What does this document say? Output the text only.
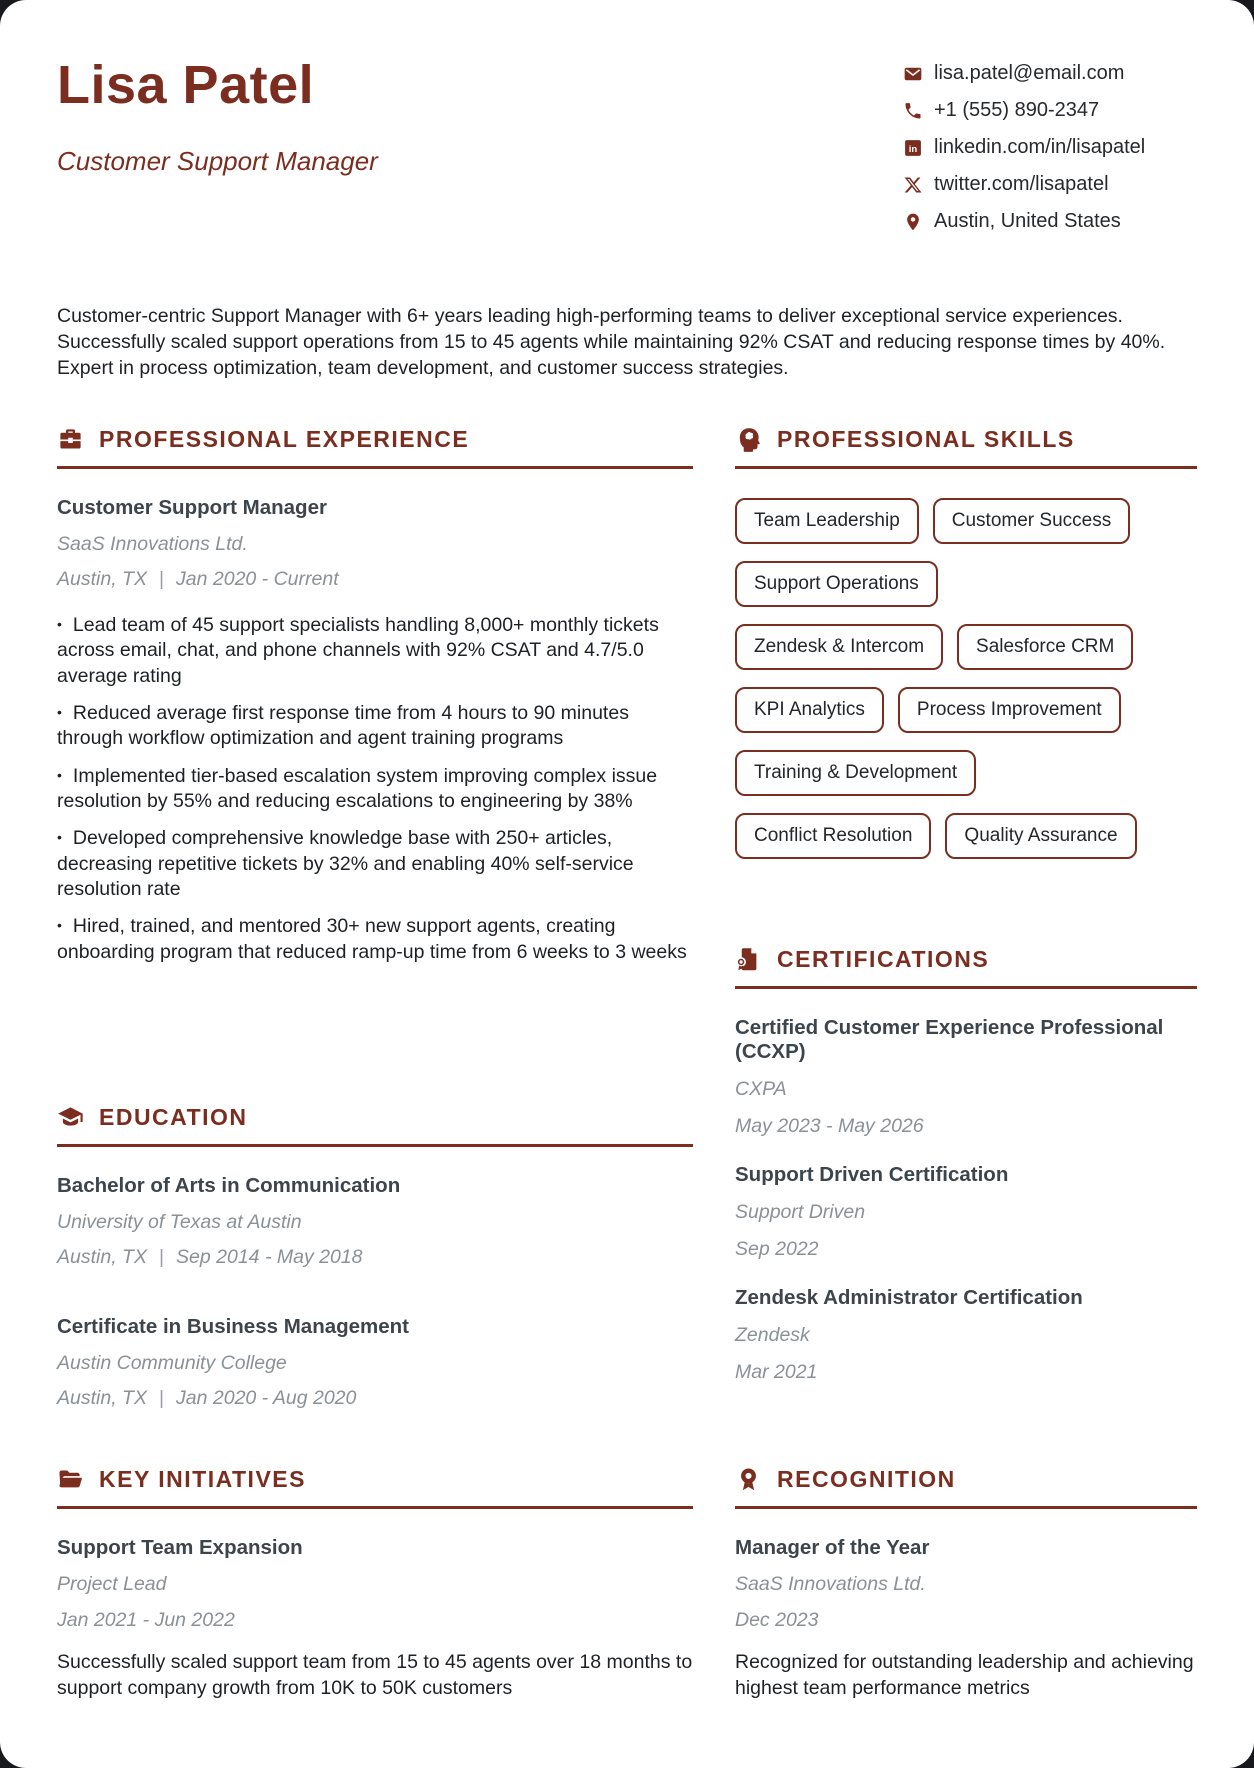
Lisa Patel
Customer Support Manager
lisa.patel@email.com
+1 (555) 890-2347
in linkedin.com/in/lisapatel
twitter.com/lisapatel
Austin, United States

Customer-centric Support Manager with 6+ years leading high-performing teams to deliver exceptional service experiences. Successfully scaled support operations from 15 to 45 agents while maintaining 92% CSAT and reducing response times by 40%. Expert in process optimization, team development, and customer success strategies.

PROFESSIONAL EXPERIENCE
Customer Support Manager
SaaS Innovations Ltd.
Austin, TX | Jan 2020 - Current

• Lead team of 45 support specialists handling 8,000+ monthly tickets across email, chat, and phone channels with 92% CSAT and 4.7/5.0 average rating

• Reduced average first response time from 4 hours to 90 minutes through workflow optimization and agent training programs

• Implemented tier-based escalation system improving complex issue resolution by 55% and reducing escalations to engineering by 38%

• Developed comprehensive knowledge base with 250+ articles, decreasing repetitive tickets by 32% and enabling 40% self-service resolution rate

• Hired, trained, and mentored 30+ new support agents, creating onboarding program that reduced ramp-up time from 6 weeks to 3 weeks

EDUCATION
Bachelor of Arts in Communication
University of Texas at Austin
Austin, TX | Sep 2014 - May 2018
Certificate in Business Management
Austin Community College
Austin, TX | Jan 2020 - Aug 2020
KEY INITIATIVES
Support Team Expansion
Project Lead
Jan 2021 - Jun 2022

Successfully scaled support team from 15 to 45 agents over 18 months to support company growth from 10K to 50K customers

PROFESSIONAL SKILLS
Team Leadership	Customer Success
Support Operations
Zendesk & Intercom	Salesforce CRM
KPI Analytics	Process Improvement
Training & Development
Conflict Resolution	Quality Assurance
CERTIFICATIONS
Certified Customer Experience Professional (CCXP)
CXPA
May 2023 - May 2026
Support Driven Certification
Support Driven
Sep 2022
Zendesk Administrator Certification
Zendesk
Mar 2021
RECOGNITION
Manager of the Year
SaaS Innovations Ltd.
Dec 2023

Recognized for outstanding leadership and achieving highest team performance metrics
